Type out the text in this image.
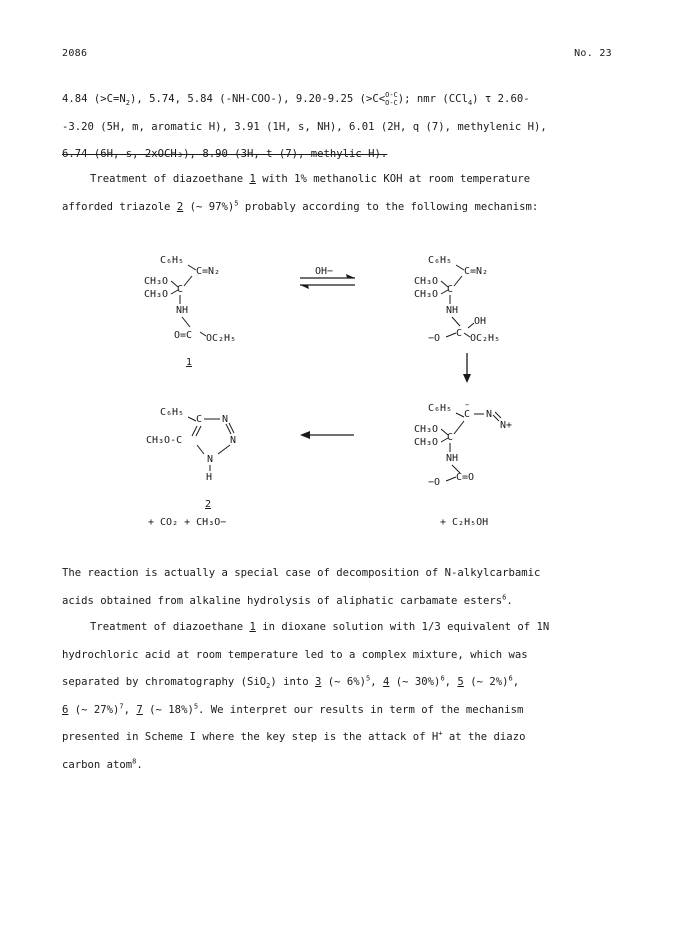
2086	No. 23

4.84 $(>C=N_2)$, 5.74, 5.84 (-NH-COO-), 9.20-9.25 (>C< O-C
O-C ); nmr (CCl$_4$) τ 2.60-

-3.20 (5H, m, aromatic H), 3.91 (1H, s, NH), 6.01 (2H, q (7), methylenic H),

6.74 (6H, s, 2xOCH₃), 8.90 (3H, t (7), methylic H).

Treatment of diazoethane 1 with 1% methanolic KOH at room temperature

afforded triazole 2 (~ 97%)$^5$ probably according to the following mechanism:

C₆H₅
C=N₂
CH₃O
CH₃O C
NH
O=C OC₂H₅
1
OH−
C₆H₅
C=N₂
CH₃O
CH₃O C
NH
OH
−O C OC₂H₅
C₆H₅
C
−
N
N+
CH₃O
CH₃O C
NH
−O C=O
C₆H₅
C N
CH₃O-C	N
N
H
2
+ CO₂ + CH₃O−	+ C₂H₅OH

The reaction is actually a special case of decomposition of N-alkylcarbamic

acids obtained from alkaline hydrolysis of aliphatic carbamate esters$^6$.

Treatment of diazoethane 1 in dioxane solution with 1/3 equivalent of 1N

hydrochloric acid at room temperature led to a complex mixture, which was

separated by chromatography (SiO$_2$) into 3 (~ 6%)$^5$, 4 (~ 30%)$^6$, 5 (~ 2%)$^6$,

6 (~ 27%)$^7$, 7 (~ 18%)$^5$. We interpret our results in term of the mechanism

presented in Scheme I where the key step is the attack of H+ at the diazo

carbon atom$^8$.
